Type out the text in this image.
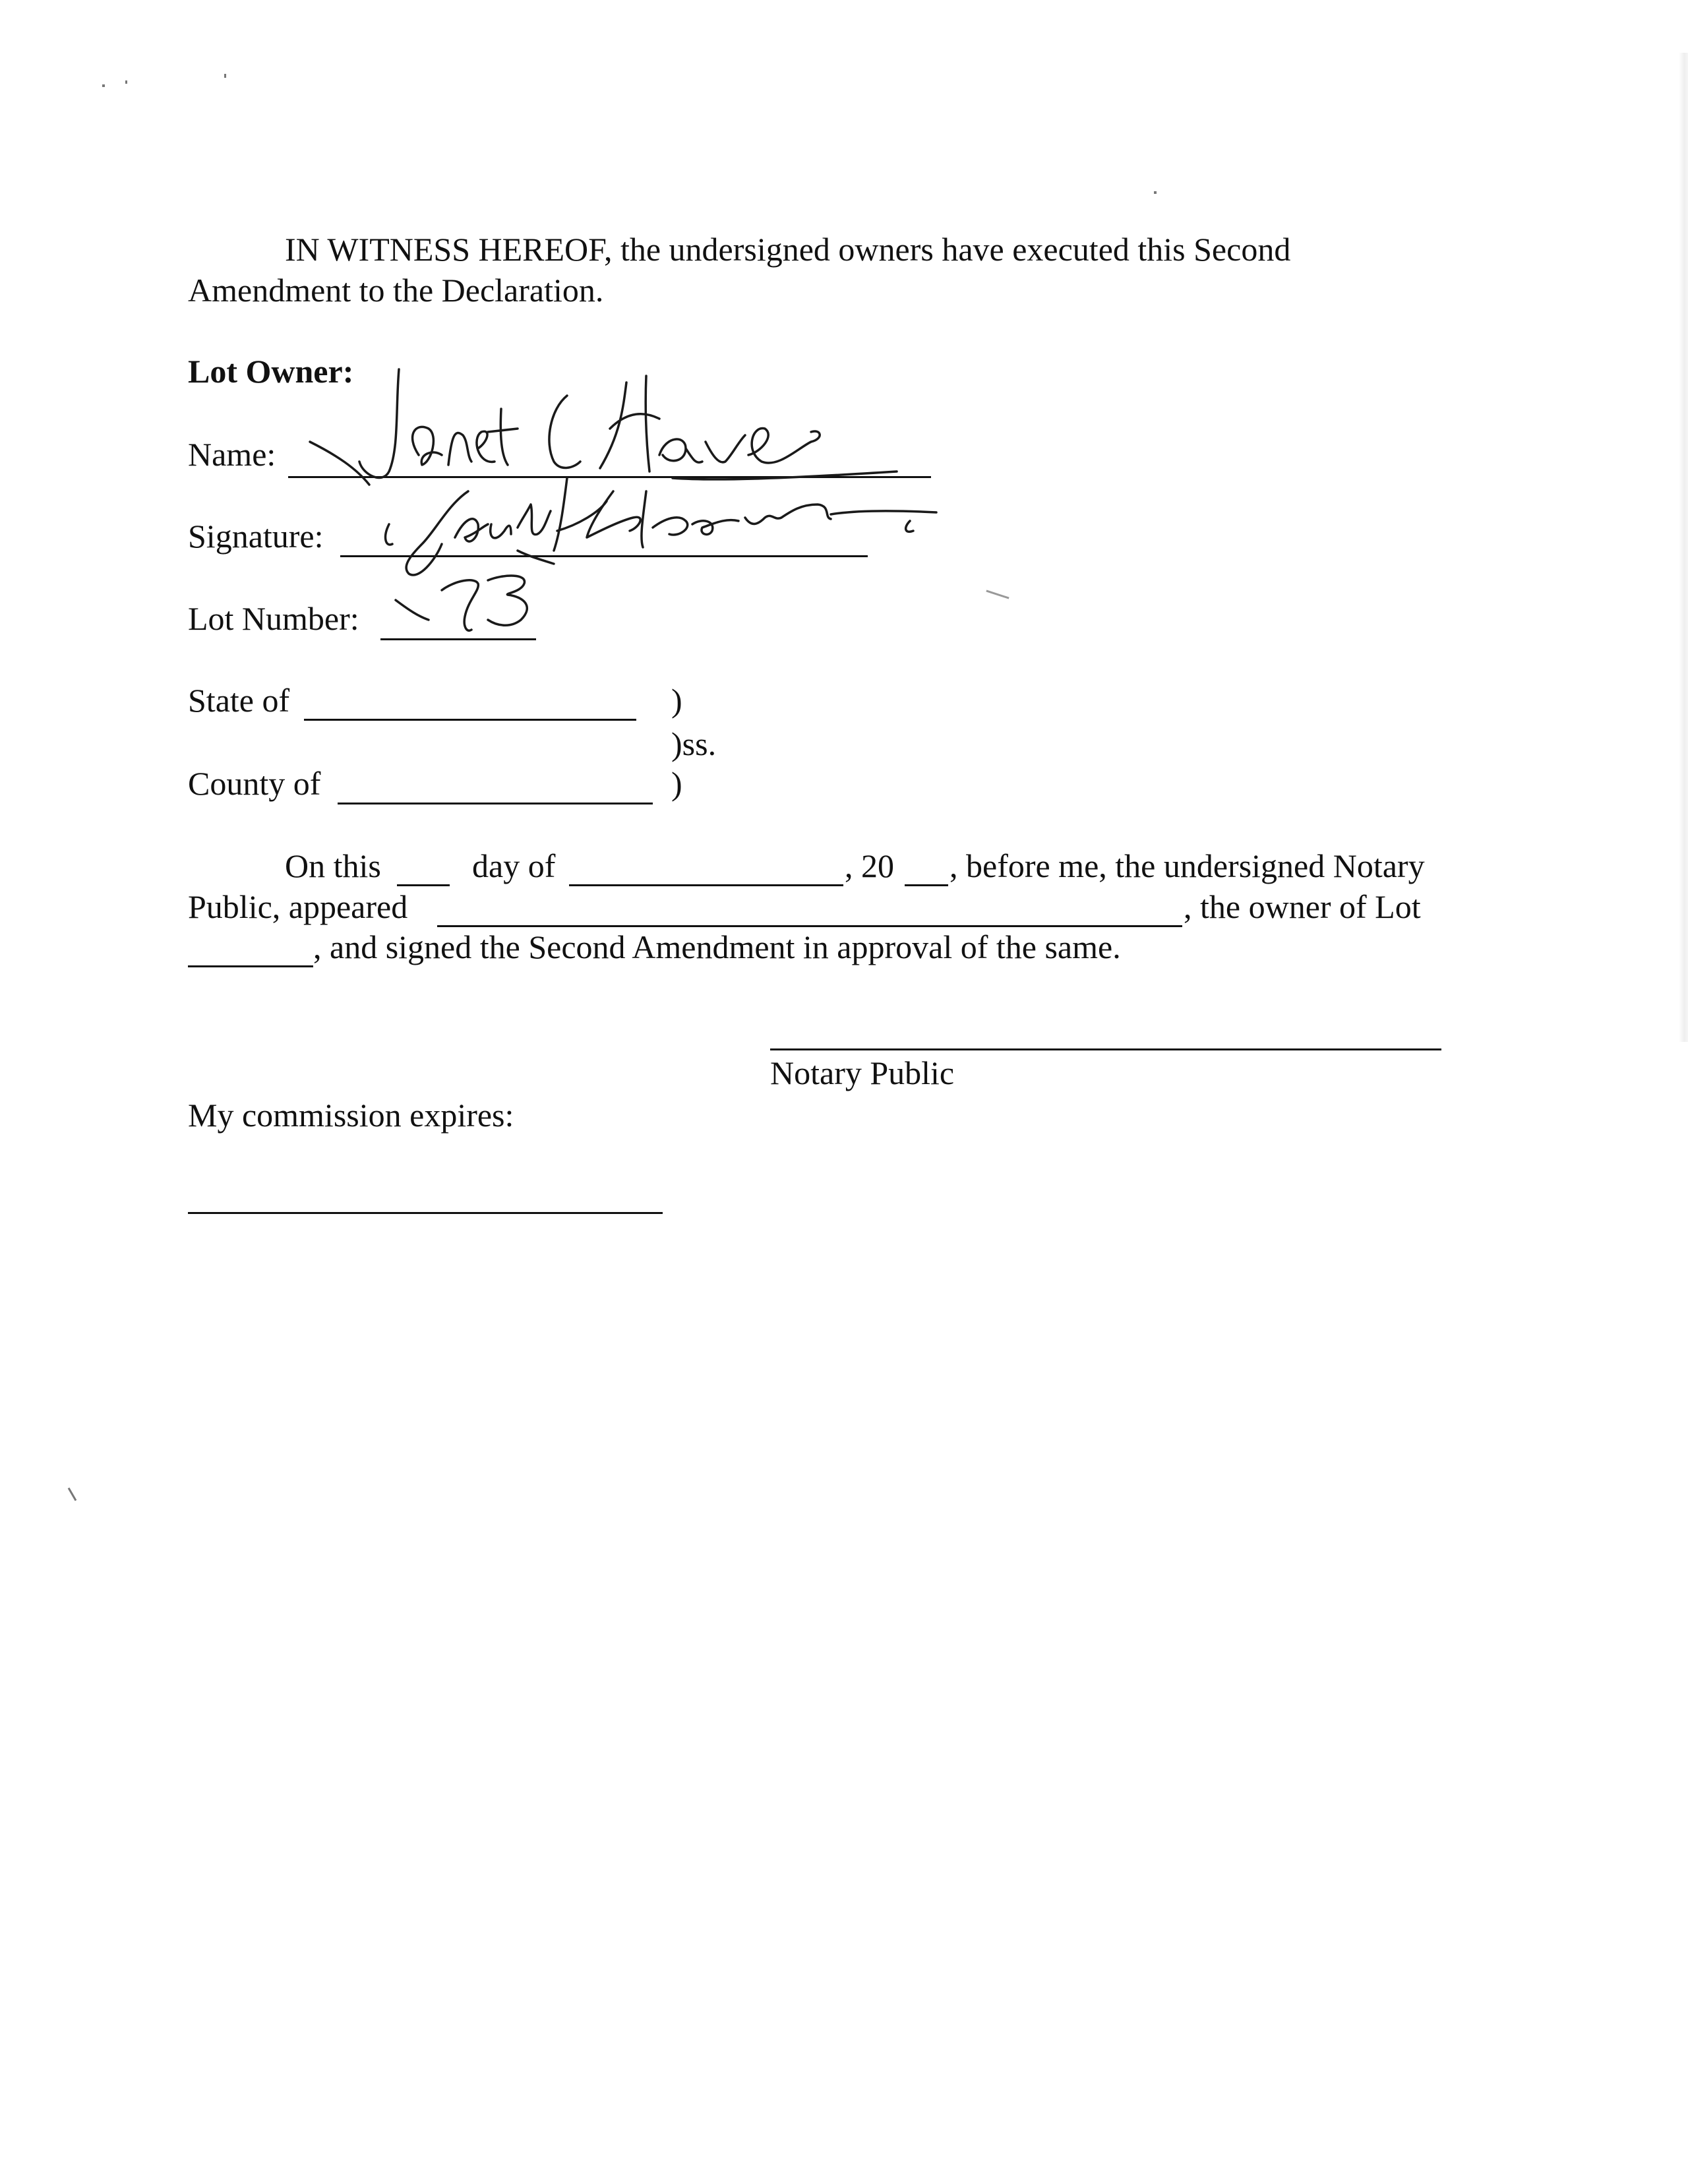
IN WITNESS HEREOF, the undersigned owners have executed this Second
Amendment to the Declaration.
Lot Owner:
Name:
Signature:
Lot Number:
State of	)
)ss.
County of	)
On this	day of	, 20 , before me, the undersigned Notary
Public, appeared	, the owner of Lot
, and signed the Second Amendment in approval of the same.
Notary Public
My commission expires:
